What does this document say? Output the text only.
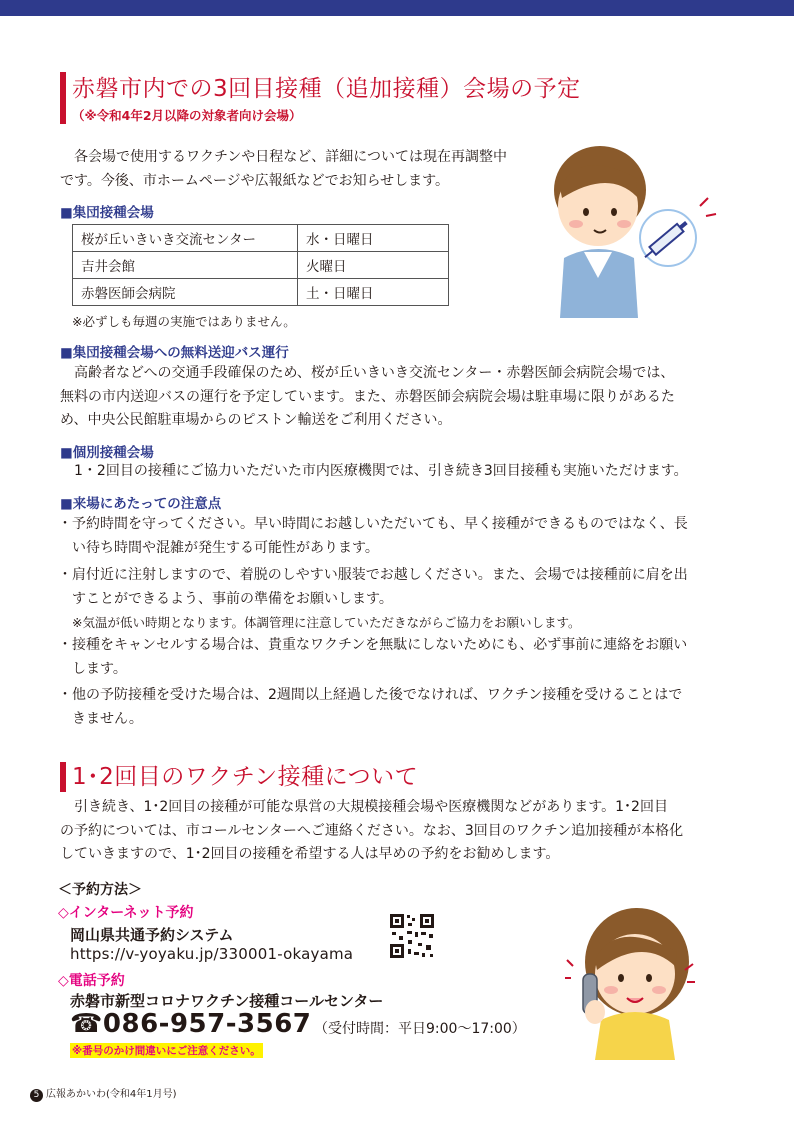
赤磐市内での3回目接種（追加接種）会場の予定
（※令和4年2月以降の対象者向け会場）
　各会場で使用するワクチンや日程など、詳細については現在再調整中
です。今後、市ホームページや広報紙などでお知らせします。
■集団接種会場
桜が丘いきいき交流センター	水・日曜日
吉井会館	火曜日
赤磐医師会病院	土・日曜日
※必ずしも毎週の実施ではありません。
■集団接種会場への無料送迎バス運行
　高齢者などへの交通手段確保のため、桜が丘いきいき交流センター・赤磐医師会病院会場では、
無料の市内送迎バスの運行を予定しています。また、赤磐医師会病院会場は駐車場に限りがあるた
め、中央公民館駐車場からのピストン輸送をご利用ください。
■個別接種会場
　1・2回目の接種にご協力いただいた市内医療機関では、引き続き3回目接種も実施いただけます。
■来場にあたっての注意点
・ 予約時間を守ってください。早い時間にお越しいただいても、早く接種ができるものではなく、長
い待ち時間や混雑が発生する可能性があります。
・ 肩付近に注射しますので、着脱のしやすい服装でお越しください。また、会場では接種前に肩を出
すことができるよう、事前の準備をお願いします。
※気温が低い時期となります。体調管理に注意していただきながらご協力をお願いします。
・ 接種をキャンセルする場合は、貴重なワクチンを無駄にしないためにも、必ず事前に連絡をお願い
します。
・ 他の予防接種を受けた場合は、2週間以上経過した後でなければ、ワクチン接種を受けることはで
きません。
1･2回目のワクチン接種について
　引き続き、1･2回目の接種が可能な県営の大規模接種会場や医療機関などがあります。1･2回目
の予約については、市コールセンターへご連絡ください。なお、3回目のワクチン追加接種が本格化
していきますので、1･2回目の接種を希望する人は早めの予約をお勧めします。
＜予約方法＞
◇インターネット予約
岡山県共通予約システム
https://v-yoyaku.jp/330001-okayama
◇電話予約
赤磐市新型コロナワクチン接種コールセンター
☎086-957-3567 （受付時間：平日9:00〜17:00）
※番号のかけ間違いにご注意ください。
5 広報あかいわ(令和4年1月号)
